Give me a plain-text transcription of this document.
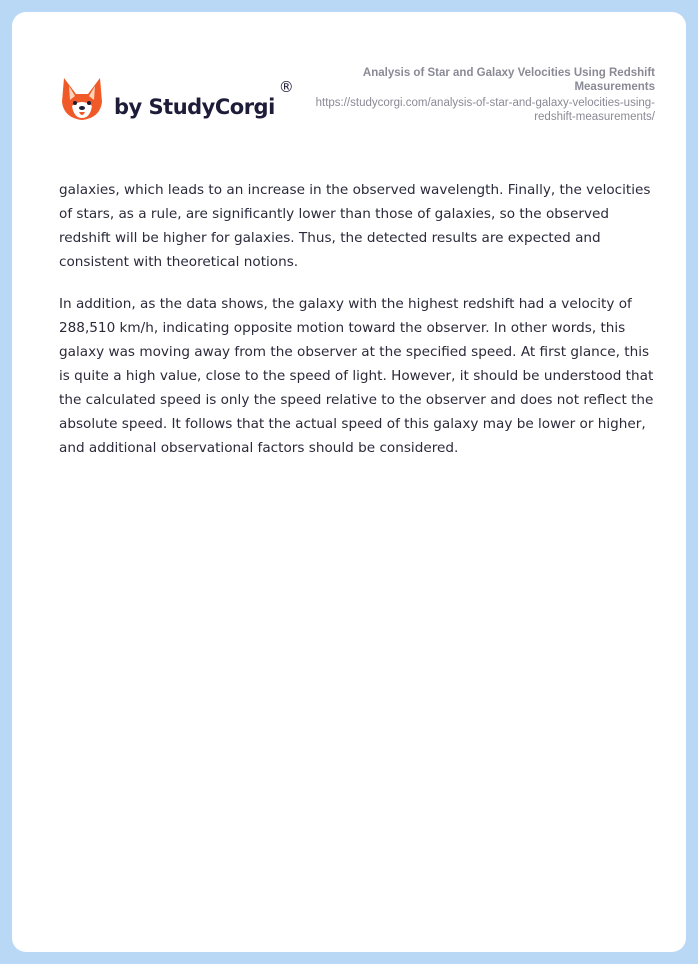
by StudyCorgi
®
Analysis of Star and Galaxy Velocities Using Redshift Measurements
https://studycorgi.com/analysis-of-star-and-galaxy-velocities-using-redshift-measurements/

galaxies, which leads to an increase in the observed wavelength. Finally, the velocities of stars, as a rule, are significantly lower than those of galaxies, so the observed redshift will be higher for galaxies. Thus, the detected results are expected and consistent with theoretical notions.

In addition, as the data shows, the galaxy with the highest redshift had a velocity of 288,510 km/h, indicating opposite motion toward the observer. In other words, this galaxy was moving away from the observer at the specified speed. At first glance, this is quite a high value, close to the speed of light. However, it should be understood that the calculated speed is only the speed relative to the observer and does not reflect the absolute speed. It follows that the actual speed of this galaxy may be lower or higher, and additional observational factors should be considered.
